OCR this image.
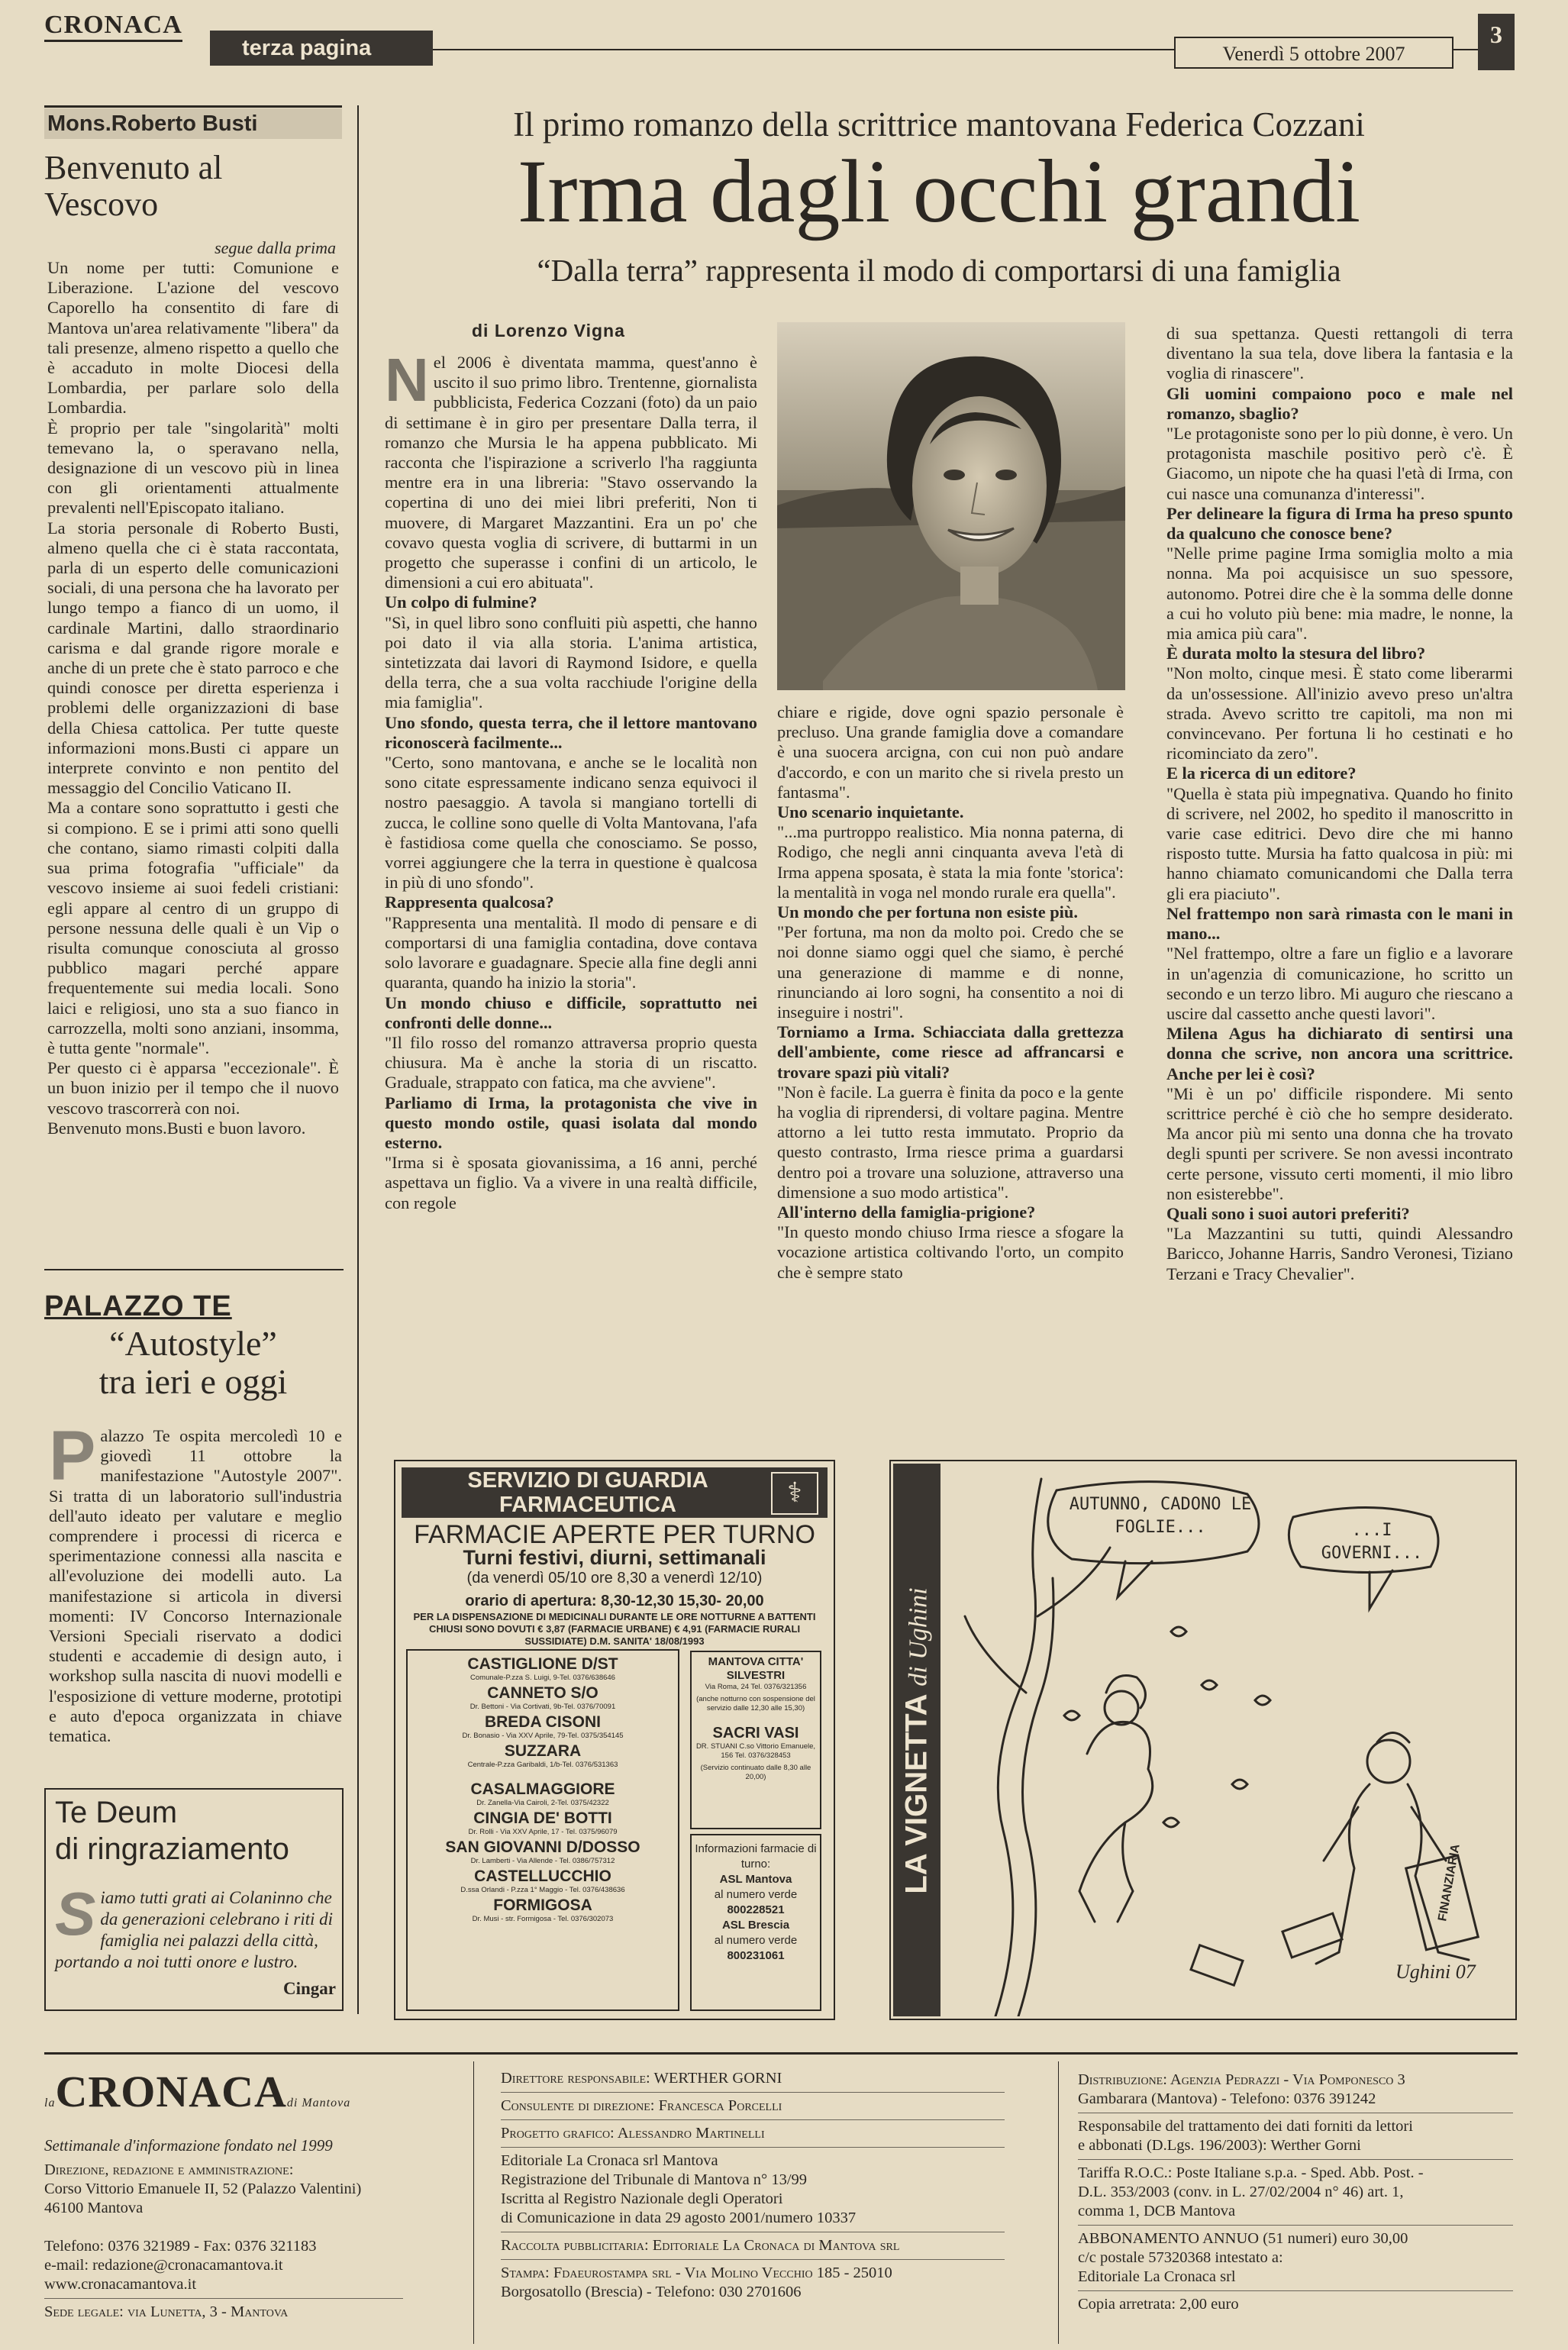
CRONACA
terza pagina	Venerdì 5 ottobre 2007
3
Mons.Roberto Busti
Benvenuto al Vescovo
segue dalla prima

Un nome per tutti: Comunione e Liberazione. L'azione del vescovo Caporello ha consentito di fare di Mantova un'area relativamente "libera" da tali presenze, almeno rispetto a quello che è accaduto in molte Diocesi della Lombardia, per parlare solo della Lombardia.

È proprio per tale "singolarità" molti temevano la, o speravano nella, designazione di un vescovo più in linea con gli orientamenti attualmente prevalenti nell'Episcopato italiano.

La storia personale di Roberto Busti, almeno quella che ci è stata raccontata, parla di un esperto delle comunicazioni sociali, di una persona che ha lavorato per lungo tempo a fianco di un uomo, il cardinale Martini, dallo straordinario carisma e dal grande rigore morale e anche di un prete che è stato parroco e che quindi conosce per diretta esperienza i problemi delle organizzazioni di base della Chiesa cattolica. Per tutte queste informazioni mons.Busti ci appare un interprete convinto e non pentito del messaggio del Concilio Vaticano II.

Ma a contare sono soprattutto i gesti che si compiono. E se i primi atti sono quelli che contano, siamo rimasti colpiti dalla sua prima fotografia "ufficiale" da vescovo insieme ai suoi fedeli cristiani: egli appare al centro di un gruppo di persone nessuna delle quali è un Vip o risulta comunque conosciuta al grosso pubblico magari perché appare frequentemente sui media locali. Sono laici e religiosi, uno sta a suo fianco in carrozzella, molti sono anziani, insomma, è tutta gente "normale".

Per questo ci è apparsa "eccezionale". È un buon inizio per il tempo che il nuovo vescovo trascorrerà con noi.

Benvenuto mons.Busti e buon lavoro.

PALAZZO TE
“Autostyle”
tra ieri e oggi
Palazzo Te ospita mercoledì 10 e giovedì 11 ottobre la manifestazione "Autostyle 2007". Si tratta di un laboratorio sull'industria dell'auto ideato per valutare e meglio comprendere i processi di ricerca e sperimentazione connessi alla nascita e all'evoluzione dei modelli auto. La manifestazione si articola in diversi momenti: IV Concorso Internazionale Versioni Speciali riservato a dodici studenti e accademie di design auto, i workshop sulla nascita di nuovi modelli e l'esposizione di vetture moderne, prototipi e auto d'epoca organizzata in chiave tematica.
Te Deum
di ringraziamento
Siamo tutti grati ai Colaninno che da generazioni celebrano i riti di famiglia nei palazzi della città, portando a noi tutti onore e lustro.
Cingar
Il primo romanzo della scrittrice mantovana Federica Cozzani
Irma dagli occhi grandi
“Dalla terra” rappresenta il modo di comportarsi di una famiglia
di Lorenzo Vigna

Nel 2006 è diventata mamma, quest'anno è uscito il suo primo libro. Trentenne, giornalista pubblicista, Federica Cozzani (foto) da un paio di settimane è in giro per presentare Dalla terra, il romanzo che Mursia le ha appena pubblicato. Mi racconta che l'ispirazione a scriverlo l'ha raggiunta mentre era in una libreria: "Stavo osservando la copertina di uno dei miei libri preferiti, Non ti muovere, di Margaret Mazzantini. Era un po' che covavo questa voglia di scrivere, di buttarmi in un progetto che superasse i confini di un articolo, le dimensioni a cui ero abituata".

Un colpo di fulmine?

"Sì, in quel libro sono confluiti più aspetti, che hanno poi dato il via alla storia. L'anima artistica, sintetizzata dai lavori di Raymond Isidore, e quella della terra, che a sua volta racchiude l'origine della mia famiglia".

Uno sfondo, questa terra, che il lettore mantovano riconoscerà facilmente...

"Certo, sono mantovana, e anche se le località non sono citate espressamente indicano senza equivoci il nostro paesaggio. A tavola si mangiano tortelli di zucca, le colline sono quelle di Volta Mantovana, l'afa è fastidiosa come quella che conosciamo. Se posso, vorrei aggiungere che la terra in questione è qualcosa in più di uno sfondo".

Rappresenta qualcosa?

"Rappresenta una mentalità. Il modo di pensare e di comportarsi di una famiglia contadina, dove contava solo lavorare e guadagnare. Specie alla fine degli anni quaranta, quando ha inizio la storia".

Un mondo chiuso e difficile, soprattutto nei confronti delle donne...

"Il filo rosso del romanzo attraversa proprio questa chiusura. Ma è anche la storia di un riscatto. Graduale, strappato con fatica, ma che avviene".

Parliamo di Irma, la protagonista che vive in questo mondo ostile, quasi isolata dal mondo esterno.

"Irma si è sposata giovanissima, a 16 anni, perché aspettava un figlio. Va a vivere in una realtà difficile, con regole

chiare e rigide, dove ogni spazio personale è precluso. Una grande famiglia dove a comandare è una suocera arcigna, con cui non può andare d'accordo, e con un marito che si rivela presto un fantasma".

Uno scenario inquietante.

"...ma purtroppo realistico. Mia nonna paterna, di Rodigo, che negli anni cinquanta aveva l'età di Irma appena sposata, è stata la mia fonte 'storica': la mentalità in voga nel mondo rurale era quella".

Un mondo che per fortuna non esiste più.

"Per fortuna, ma non da molto poi. Credo che se noi donne siamo oggi quel che siamo, è perché una generazione di mamme e di nonne, rinunciando ai loro sogni, ha consentito a noi di inseguire i nostri".

Torniamo a Irma. Schiacciata dalla grettezza dell'ambiente, come riesce ad affrancarsi e trovare spazi più vitali?

"Non è facile. La guerra è finita da poco e la gente ha voglia di riprendersi, di voltare pagina. Mentre attorno a lei tutto resta immutato. Proprio da questo contrasto, Irma riesce prima a guardarsi dentro poi a trovare una soluzione, attraverso una dimensione a suo modo artistica".

All'interno della famiglia-prigione?

"In questo mondo chiuso Irma riesce a sfogare la vocazione artistica coltivando l'orto, un compito che è sempre stato

di sua spettanza. Questi rettangoli di terra diventano la sua tela, dove libera la fantasia e la voglia di rinascere".

Gli uomini compaiono poco e male nel romanzo, sbaglio?

"Le protagoniste sono per lo più donne, è vero. Un protagonista maschile positivo però c'è. È Giacomo, un nipote che ha quasi l'età di Irma, con cui nasce una comunanza d'interessi".

Per delineare la figura di Irma ha preso spunto da qualcuno che conosce bene?

"Nelle prime pagine Irma somiglia molto a mia nonna. Ma poi acquisisce un suo spessore, autonomo. Potrei dire che è la somma delle donne a cui ho voluto più bene: mia madre, le nonne, la mia amica più cara".

È durata molto la stesura del libro?

"Non molto, cinque mesi. È stato come liberarmi da un'ossessione. All'inizio avevo preso un'altra strada. Avevo scritto tre capitoli, ma non mi convincevano. Per fortuna li ho cestinati e ho ricominciato da zero".

E la ricerca di un editore?

"Quella è stata più impegnativa. Quando ho finito di scrivere, nel 2002, ho spedito il manoscritto in varie case editrici. Devo dire che mi hanno risposto tutte. Mursia ha fatto qualcosa in più: mi hanno chiamato comunicandomi che Dalla terra gli era piaciuto".

Nel frattempo non sarà rimasta con le mani in mano...

"Nel frattempo, oltre a fare un figlio e a lavorare in un'agenzia di comunicazione, ho scritto un secondo e un terzo libro. Mi auguro che riescano a uscire dal cassetto anche questi lavori".

Milena Agus ha dichiarato di sentirsi una donna che scrive, non ancora una scrittrice. Anche per lei è così?

"Mi è un po' difficile rispondere. Mi sento scrittrice perché è ciò che ho sempre desiderato. Ma ancor più mi sento una donna che ha trovato degli spunti per scrivere. Se non avessi incontrato certe persone, vissuto certi momenti, il mio libro non esisterebbe".

Quali sono i suoi autori preferiti?

"La Mazzantini su tutti, quindi Alessandro Baricco, Johanne Harris, Sandro Veronesi, Tiziano Terzani e Tracy Chevalier".

SERVIZIO DI GUARDIA
FARMACEUTICA	⚕
FARMACIE APERTE PER TURNO
Turni festivi, diurni, settimanali
(da venerdì 05/10 ore 8,30 a venerdì 12/10)
orario di apertura: 8,30-12,30 15,30- 20,00
PER LA DISPENSAZIONE DI MEDICINALI DURANTE LE ORE NOTTURNE A BATTENTI CHIUSI SONO DOVUTI € 3,87 (FARMACIE URBANE) € 4,91 (FARMACIE RURALI SUSSIDIATE) D.M. SANITA' 18/08/1993
CASTIGLIONE D/ST
Comunale-P.zza S. Luigi, 9-Tel. 0376/638646
CANNETO S/O
Dr. Bettoni - Via Cortivati, 9b-Tel. 0376/70091
BREDA CISONI
Dr. Bonasio - Via XXV Aprile, 79-Tel. 0375/354145
SUZZARA
Centrale-P.zza Garibaldi, 1/b-Tel. 0376/531363
CASALMAGGIORE
Dr. Zanella-Via Cairoli, 2-Tel. 0375/42322
CINGIA DE' BOTTI
Dr. Rolli - Via XXV Aprile, 17 - Tel. 0375/96079
SAN GIOVANNI D/DOSSO
Dr. Lamberti - Via Allende - Tel. 0386/757312
CASTELLUCCHIO
D.ssa Orlandi - P.zza 1° Maggio - Tel. 0376/438636
FORMIGOSA
Dr. Musi - str. Formigosa - Tel. 0376/302073
MANTOVA CITTA' SILVESTRI
Via Roma, 24 Tel. 0376/321356
(anche notturno con sospensione del servizio dalle 12,30 alle 15,30)
SACRI VASI
DR. STUANI C.so Vittorio Emanuele, 156 Tel. 0376/328453
(Servizio continuato dalle 8,30 alle 20,00)
Informazioni farmacie di turno:
ASL Mantova
al numero verde
800228521
ASL Brescia
al numero verde
800231061
LA VIGNETTA di Ughini
FINANZIARIA
AUTUNNO, CADONO LE FOGLIE...	...I GOVERNI...
Ughini 07
laCRONACAdi Mantova
Settimanale d'informazione fondato nel 1999
Direzione, redazione e amministrazione:
Corso Vittorio Emanuele II, 52 (Palazzo Valentini)
46100 Mantova
Telefono: 0376 321989 - Fax: 0376 321183
e-mail: redazione@cronacamantova.it
www.cronacamantova.it
Sede legale: via Lunetta, 3 - Mantova
Direttore responsabile: WERTHER GORNI
Consulente di direzione: Francesca Porcelli
Progetto grafico: Alessandro Martinelli
Editoriale La Cronaca srl Mantova
Registrazione del Tribunale di Mantova n° 13/99
Iscritta al Registro Nazionale degli Operatori
di Comunicazione in data 29 agosto 2001/numero 10337
Raccolta pubblicitaria: Editoriale La Cronaca di Mantova srl
Stampa: Fdaeurostampa srl - Via Molino Vecchio 185 - 25010
Borgosatollo (Brescia) - Telefono: 030 2701606
Distribuzione: Agenzia Pedrazzi - Via Pomponesco 3
Gambarara (Mantova) - Telefono: 0376 391242
Responsabile del trattamento dei dati forniti da lettori
e abbonati (D.Lgs. 196/2003): Werther Gorni
Tariffa R.O.C.: Poste Italiane s.p.a. - Sped. Abb. Post. -
D.L. 353/2003 (conv. in L. 27/02/2004 n° 46) art. 1,
comma 1, DCB Mantova
ABBONAMENTO ANNUO (51 numeri) euro 30,00
c/c postale 57320368 intestato a:
Editoriale La Cronaca srl
Copia arretrata: 2,00 euro
